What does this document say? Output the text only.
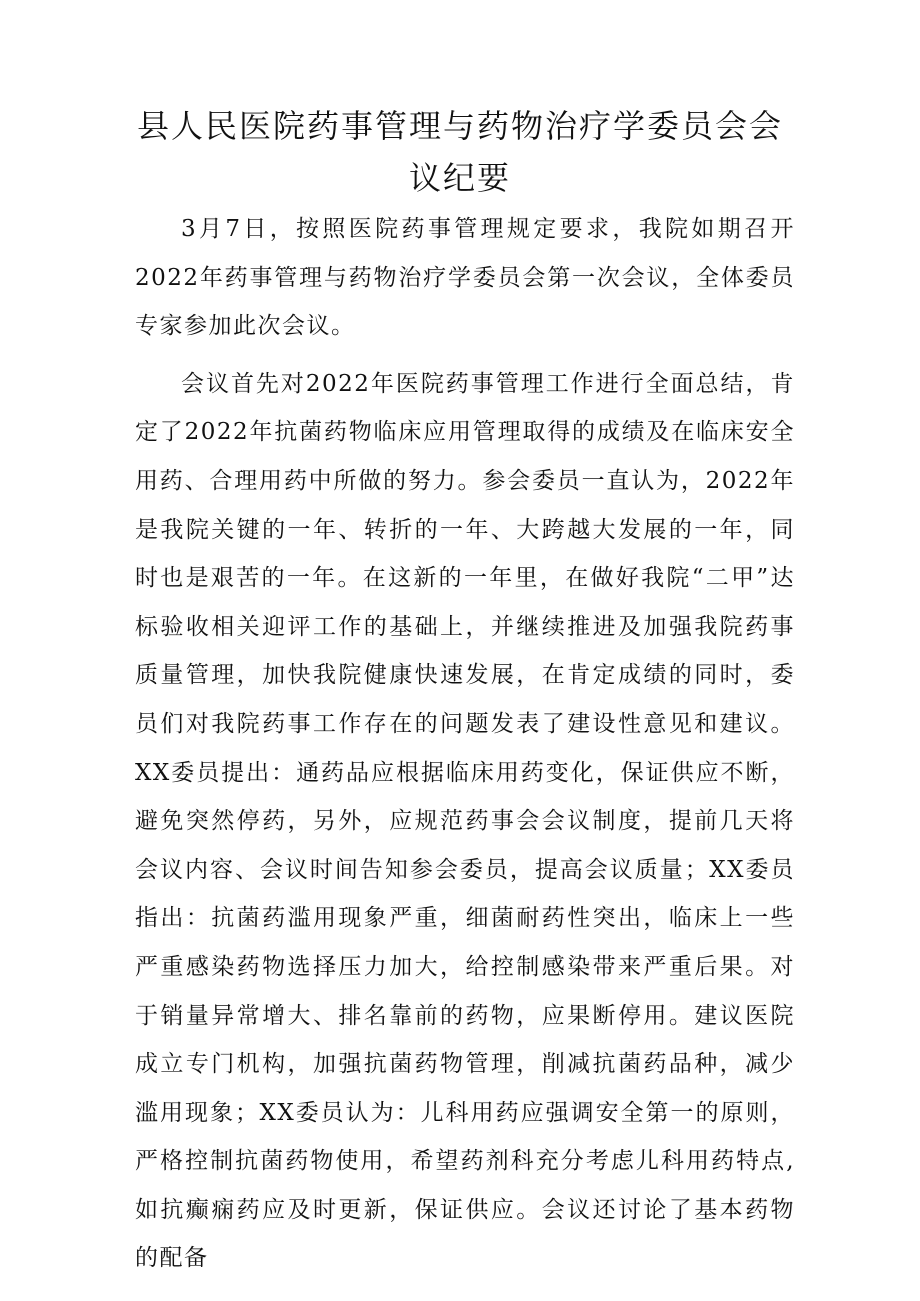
县人民医院药事管理与药物治疗学委员会会议纪要

3月7日，按照医院药事管理规定要求，我院如期召开2022年药事管理与药物治疗学委员会第一次会议，全体委员专家参加此次会议。

会议首先对2022年医院药事管理工作进行全面总结，肯定了2022年抗菌药物临床应用管理取得的成绩及在临床安全用药、合理用药中所做的努力。参会委员一直认为，2022年是我院关键的一年、转折的一年、大跨越大发展的一年，同时也是艰苦的一年。在这新的一年里，在做好我院“二甲”达标验收相关迎评工作的基础上，并继续推进及加强我院药事质量管理，加快我院健康快速发展，在肯定成绩的同时，委员们对我院药事工作存在的问题发表了建设性意见和建议。XX委员提出：通药品应根据临床用药变化，保证供应不断，避免突然停药，另外，应规范药事会会议制度，提前几天将会议内容、会议时间告知参会委员，提高会议质量；XX委员指出：抗菌药滥用现象严重，细菌耐药性突出，临床上一些严重感染药物选择压力加大，给控制感染带来严重后果。对于销量异常增大、排名靠前的药物，应果断停用。建议医院成立专门机构，加强抗菌药物管理，削减抗菌药品种，减少滥用现象；XX委员认为：儿科用药应强调安全第一的原则，严格控制抗菌药物使用，希望药剂科充分考虑儿科用药特点,如抗癫痫药应及时更新，保证供应。会议还讨论了基本药物的配备
